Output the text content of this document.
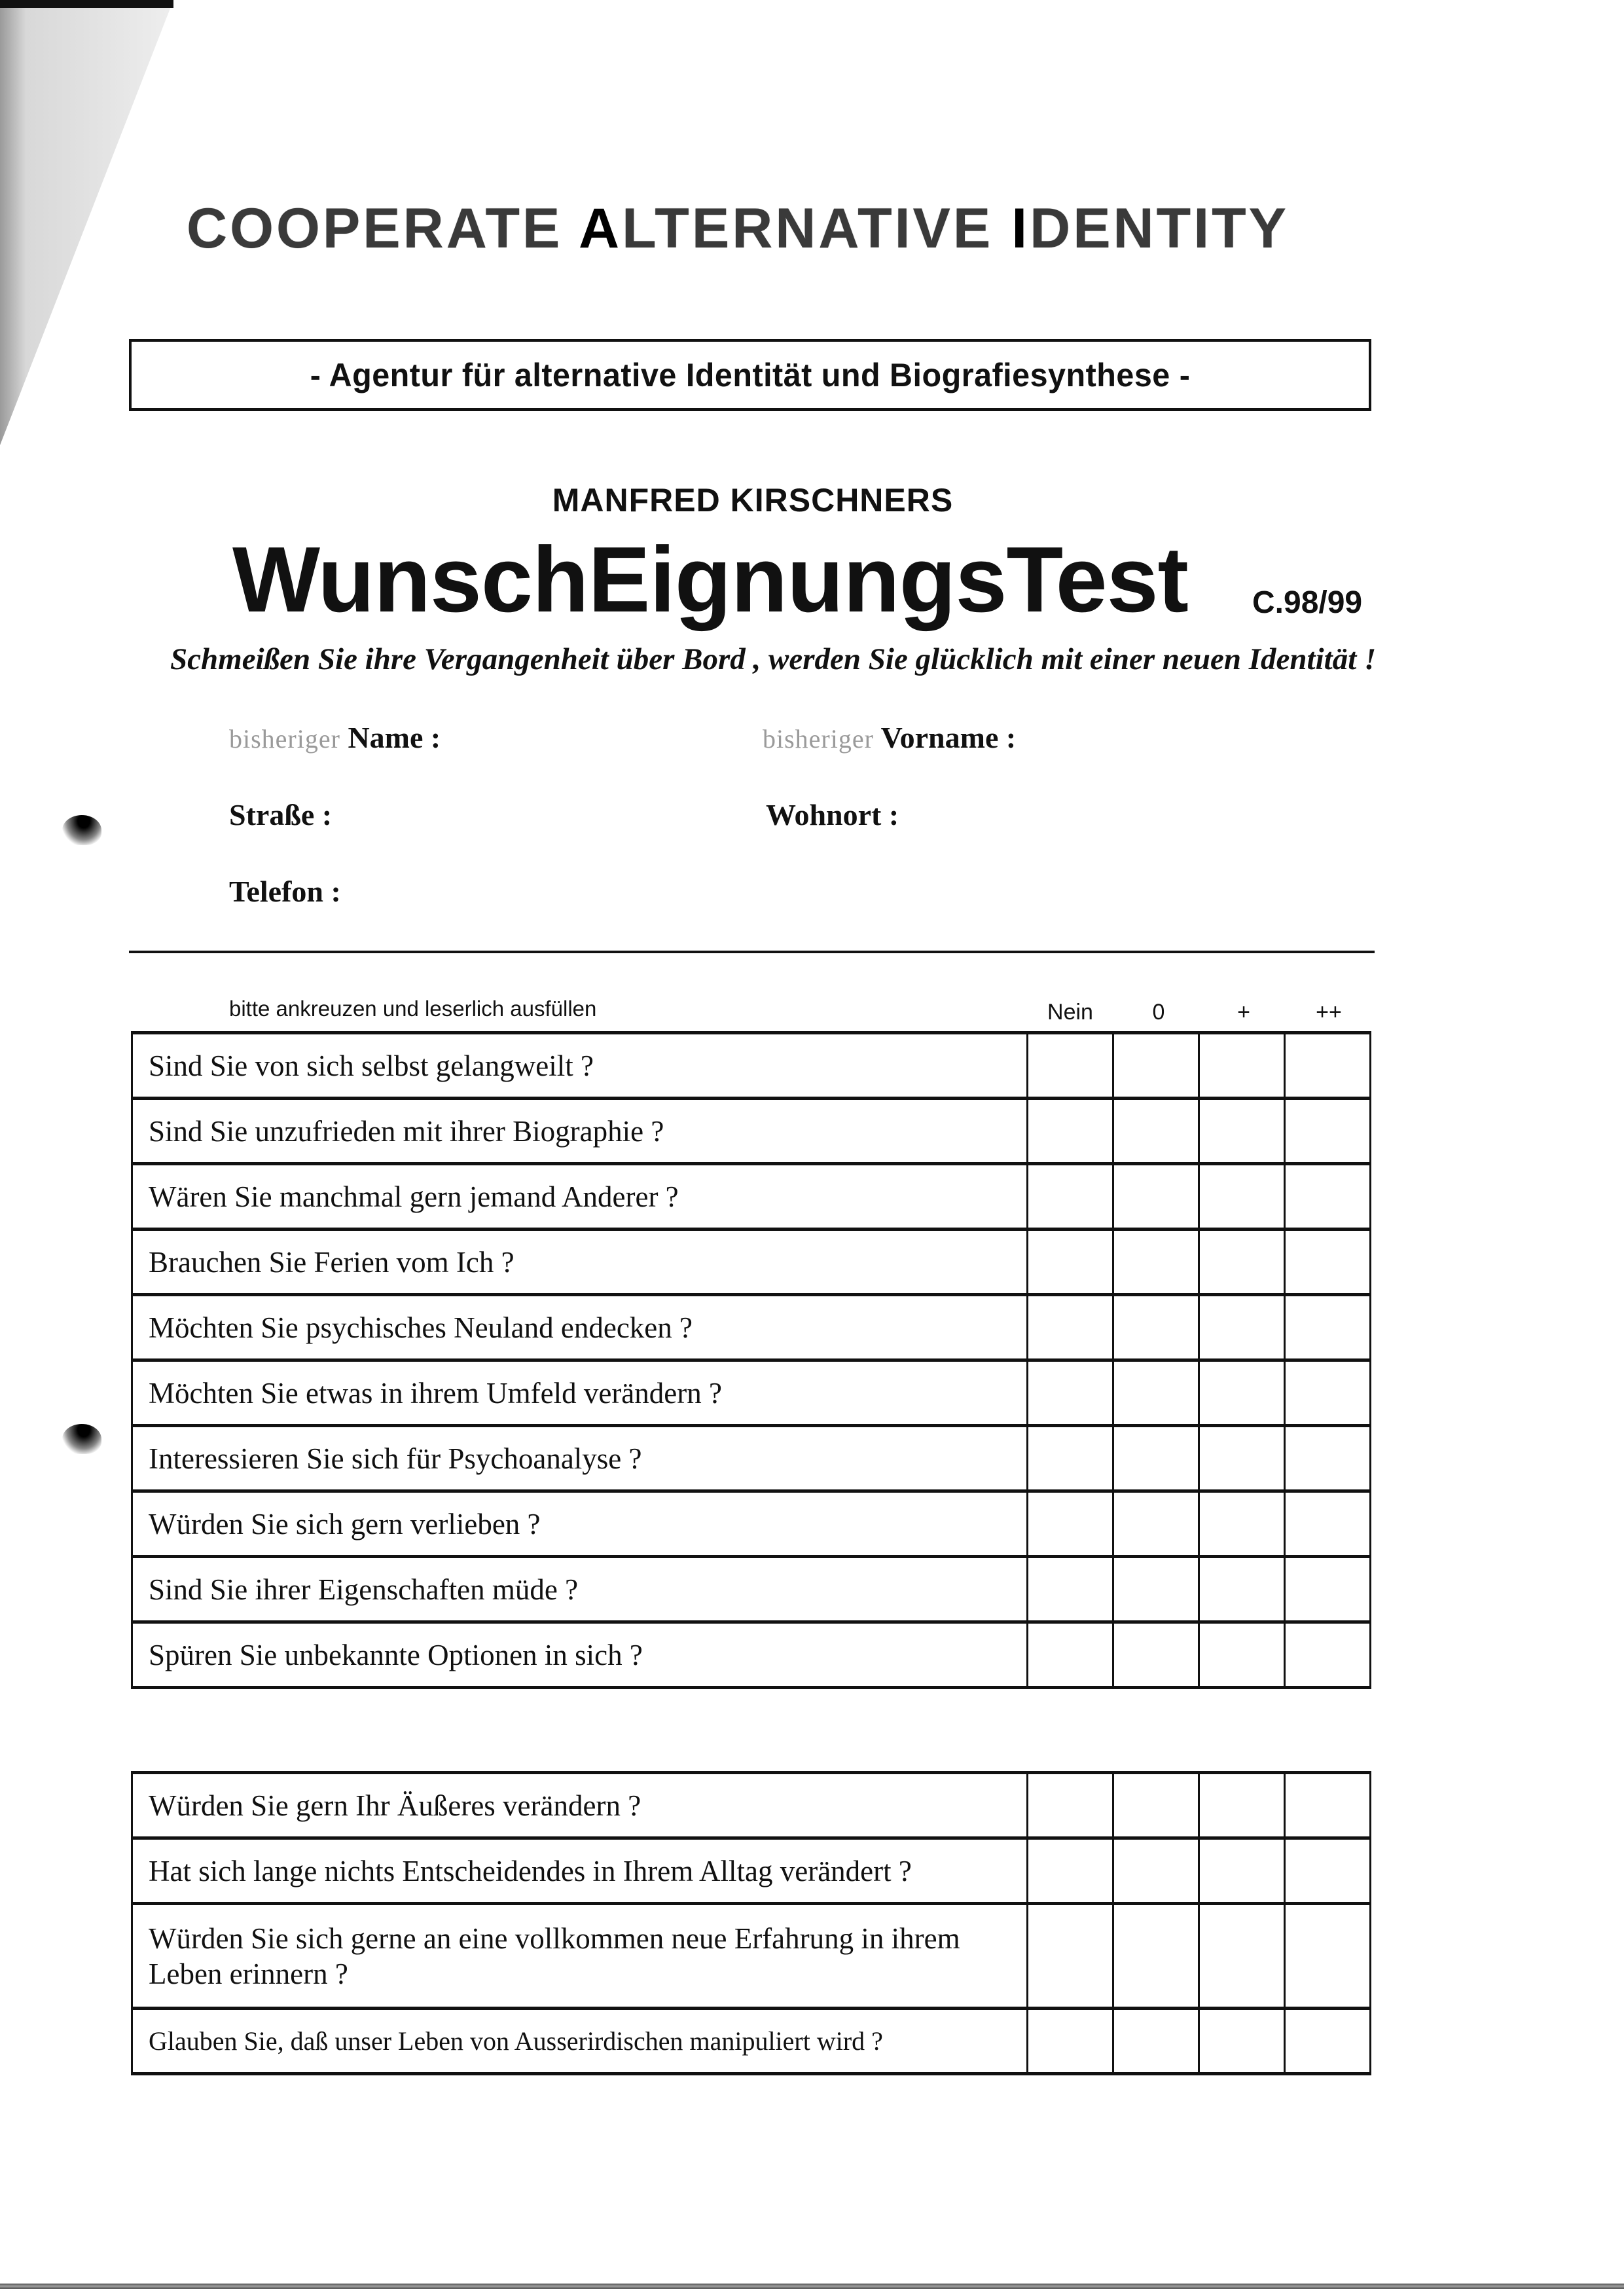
COOPERATE ALTERNATIVE IDENTITY
- Agentur für alternative Identität und Biografiesynthese -
MANFRED KIRSCHNERS
WunschEignungsTest C.98/99
Schmeißen Sie ihre Vergangenheit über Bord , werden Sie glücklich mit einer neuen Identität !
bisheriger Name :	bisheriger Vorname :
Straße :	Wohnort :
Telefon :
bitte ankreuzen und leserlich ausfüllen	Nein	0	+	++
Sind Sie von sich selbst gelangweilt ?				
Sind Sie unzufrieden mit ihrer Biographie ?				
Wären Sie manchmal gern jemand Anderer ?				
Brauchen Sie Ferien vom Ich ?				
Möchten Sie psychisches Neuland endecken ?				
Möchten Sie etwas in ihrem Umfeld verändern ?				
Interessieren Sie sich für Psychoanalyse ?				
Würden Sie sich gern verlieben ?				
Sind Sie ihrer Eigenschaften müde ?				
Spüren Sie unbekannte Optionen in sich ?				
Würden Sie gern Ihr Äußeres verändern ?				
Hat sich lange nichts Entscheidendes in Ihrem Alltag verändert ?				
Würden Sie sich gerne an eine vollkommen neue Erfahrung in ihrem Leben erinnern ?				
Glauben Sie, daß unser Leben von Ausserirdischen manipuliert wird ?				
